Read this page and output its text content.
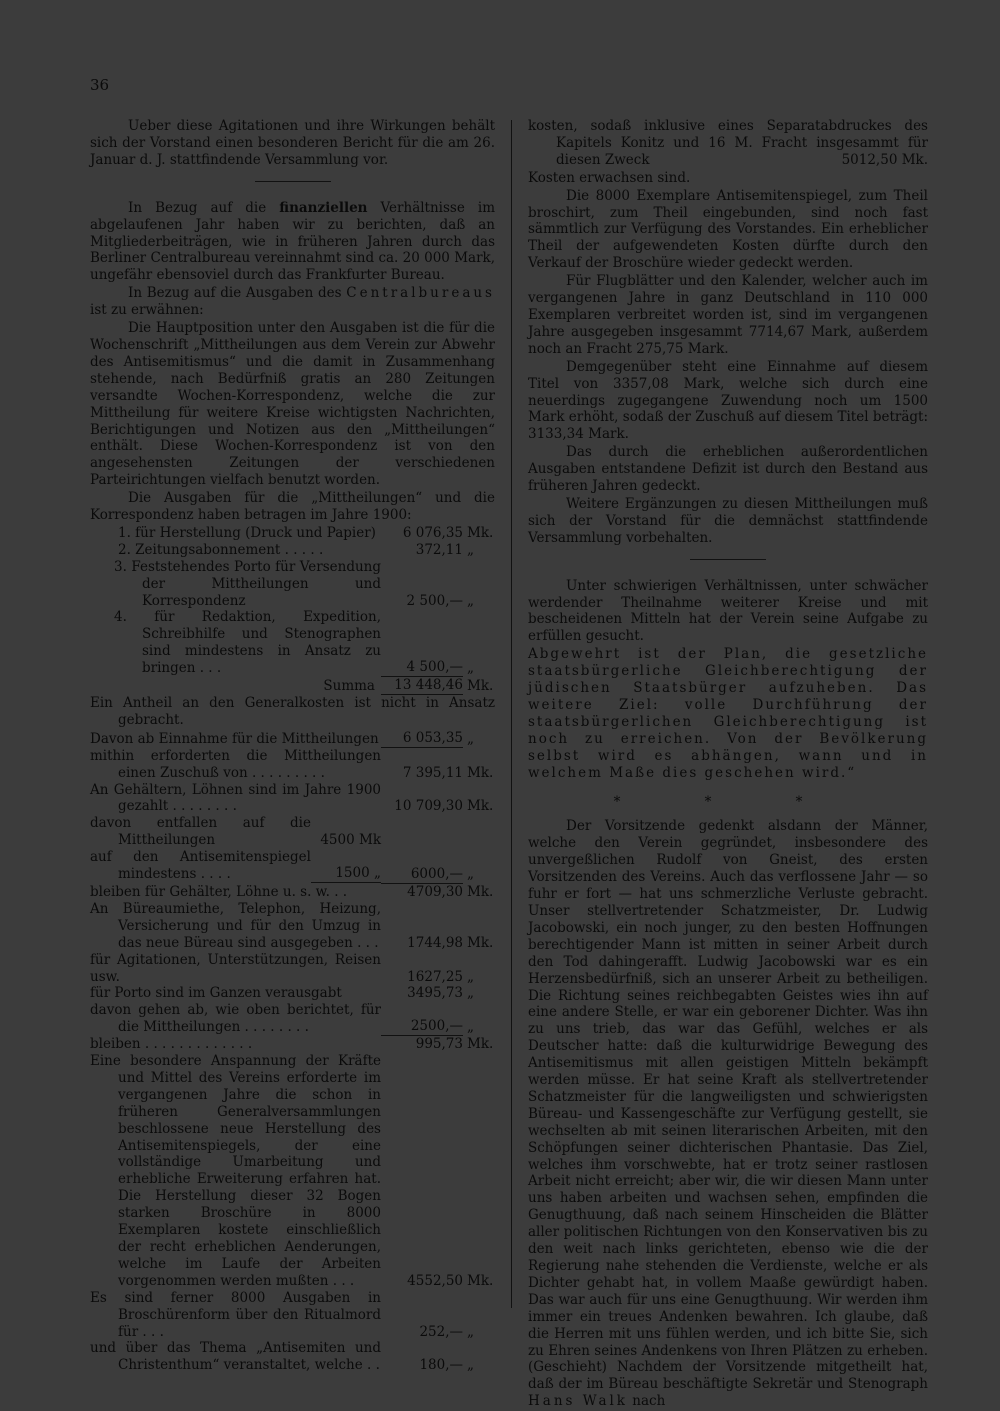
36

Ueber diese Agitationen und ihre Wirkungen behält sich der Vorstand einen besonderen Bericht für die am 26. Januar d. J. stattfindende Versammlung vor.

In Bezug auf die finanziellen Verhältnisse im abgelaufenen Jahr haben wir zu berichten, daß an Mitgliederbeiträgen, wie in früheren Jahren durch das Berliner Centralbureau vereinnahmt sind ca. 20 000 Mark, ungefähr ebensoviel durch das Frankfurter Bureau.

In Bezug auf die Ausgaben des Centralbureaus ist zu erwähnen:

Die Hauptposition unter den Ausgaben ist die für die Wochenschrift „Mittheilungen aus dem Verein zur Abwehr des Antisemitismus“ und die damit in Zusammenhang stehende, nach Bedürfniß gratis an 280 Zeitungen versandte Wochen-Korrespondenz, welche die zur Mittheilung für weitere Kreise wichtigsten Nachrichten, Berichtigungen und Notizen aus den „Mittheilungen“ enthält. Diese Wochen-Korrespondenz ist von den angesehensten Zeitungen der verschiedenen Parteirichtungen vielfach benutzt worden.

Die Ausgaben für die „Mittheilungen“ und die Korrespondenz haben betragen im Jahre 1900:

1. für Herstellung (Druck und Papier)	6 076,35 Mk.
2. Zeitungsabonnement . . . . .	372,11 „
3. Feststehendes Porto für Versendung der Mittheilungen und Korrespondenz	2 500,— „
4. für Redaktion, Expedition, Schreibhilfe und Stenographen sind mindestens in Ansatz zu bringen . . .	4 500,— „
Summa	13 448,46 Mk.

Ein Antheil an den Generalkosten ist nicht in Ansatz gebracht.

Davon ab Einnahme für die Mittheilungen	6 053,35 „
mithin erforderten die Mittheilungen einen Zuschuß von . . . . . . . . .	7 395,11 Mk.
An Gehältern, Löhnen sind im Jahre 1900 gezahlt . . . . . . . .	10 709,30 Mk.
davon entfallen auf die Mittheilungen	4500 Mk
auf den Antisemitenspiegel mindestens . . . .	1500 „	6000,— „
bleiben für Gehälter, Löhne u. s. w. . .	4709,30 Mk.
An Büreaumiethe, Telephon, Heizung, Versicherung und für den Umzug in das neue Büreau sind ausgegeben . . .	1744,98 Mk.
für Agitationen, Unterstützungen, Reisen usw.	1627,25 „
für Porto sind im Ganzen verausgabt	3495,73 „
davon gehen ab, wie oben berichtet, für die Mittheilungen . . . . . . . .	2500,— „
bleiben . . . . . . . . . . . . .	995,73 Mk.
Eine besondere Anspannung der Kräfte und Mittel des Vereins erforderte im vergangenen Jahre die schon in früheren Generalversammlungen beschlossene neue Herstellung des Antisemitenspiegels, der eine vollständige Umarbeitung und erhebliche Erweiterung erfahren hat. Die Herstellung dieser 32 Bogen starken Broschüre in 8000 Exemplaren kostete einschließlich der recht erheblichen Aenderungen, welche im Laufe der Arbeiten vorgenommen werden mußten . . .	4552,50 Mk.
Es sind ferner 8000 Ausgaben in Broschürenform über den Ritualmord für . . .	252,— „
und über das Thema „Antisemiten und Christenthum“ veranstaltet, welche . .	180,— „

kosten, sodaß inklusive eines Separatabdruckes des Kapitels Konitz und 16 M. Fracht insgesammt für diesen Zweck	5012,50 Mk.

Kosten erwachsen sind.

Die 8000 Exemplare Antisemitenspiegel, zum Theil broschirt, zum Theil eingebunden, sind noch fast sämmtlich zur Verfügung des Vorstandes. Ein erheblicher Theil der aufgewendeten Kosten dürfte durch den Verkauf der Broschüre wieder gedeckt werden.

Für Flugblätter und den Kalender, welcher auch im vergangenen Jahre in ganz Deutschland in 110 000 Exemplaren verbreitet worden ist, sind im vergangenen Jahre ausgegeben insgesammt 7714,67 Mark, außerdem noch an Fracht 275,75 Mark.

Demgegenüber steht eine Einnahme auf diesem Titel von 3357,08 Mark, welche sich durch eine neuerdings zugegangene Zuwendung noch um 1500 Mark erhöht, sodaß der Zuschuß auf diesem Titel beträgt: 3133,34 Mark.

Das durch die erheblichen außerordentlichen Ausgaben entstandene Defizit ist durch den Bestand aus früheren Jahren gedeckt.

Weitere Ergänzungen zu diesen Mittheilungen muß sich der Vorstand für die demnächst stattfindende Versammlung vorbehalten.

Unter schwierigen Verhältnissen, unter schwächer werdender Theilnahme weiterer Kreise und mit bescheidenen Mitteln hat der Verein seine Aufgabe zu erfüllen gesucht.

Abgewehrt ist der Plan, die gesetzliche staatsbürgerliche Gleichberechtigung der jüdischen Staatsbürger aufzuheben. Das weitere Ziel: volle Durchführung der staatsbürgerlichen Gleichberechtigung ist noch zu erreichen. Von der Bevölkerung selbst wird es abhängen, wann und in welchem Maße dies geschehen wird.“

* * *

Der Vorsitzende gedenkt alsdann der Männer, welche den Verein gegründet, insbesondere des unvergeßlichen Rudolf von Gneist, des ersten Vorsitzenden des Vereins. Auch das verflossene Jahr — so fuhr er fort — hat uns schmerzliche Verluste gebracht. Unser stellvertretender Schatzmeister, Dr. Ludwig Jacobowski, ein noch junger, zu den besten Hoffnungen berechtigender Mann ist mitten in seiner Arbeit durch den Tod dahingerafft. Ludwig Jacobowski war es ein Herzensbedürfniß, sich an unserer Arbeit zu betheiligen. Die Richtung seines reichbegabten Geistes wies ihn auf eine andere Stelle, er war ein geborener Dichter. Was ihn zu uns trieb, das war das Gefühl, welches er als Deutscher hatte: daß die kulturwidrige Bewegung des Antisemitismus mit allen geistigen Mitteln bekämpft werden müsse. Er hat seine Kraft als stellvertretender Schatzmeister für die langweiligsten und schwierigsten Büreau- und Kassengeschäfte zur Verfügung gestellt, sie wechselten ab mit seinen literarischen Arbeiten, mit den Schöpfungen seiner dichterischen Phantasie. Das Ziel, welches ihm vorschwebte, hat er trotz seiner rastlosen Arbeit nicht erreicht; aber wir, die wir diesen Mann unter uns haben arbeiten und wachsen sehen, empfinden die Genugthuung, daß nach seinem Hinscheiden die Blätter aller politischen Richtungen von den Konservativen bis zu den weit nach links gerichteten, ebenso wie die der Regierung nahe stehenden die Verdienste, welche er als Dichter gehabt hat, in vollem Maaße gewürdigt haben. Das war auch für uns eine Genugthuung. Wir werden ihm immer ein treues Andenken bewahren. Ich glaube, daß die Herren mit uns fühlen werden, und ich bitte Sie, sich zu Ehren seines Andenkens von Ihren Plätzen zu erheben. (Geschieht) Nachdem der Vorsitzende mitgetheilt hat, daß der im Büreau beschäftigte Sekretär und Stenograph Hans Walk nach
